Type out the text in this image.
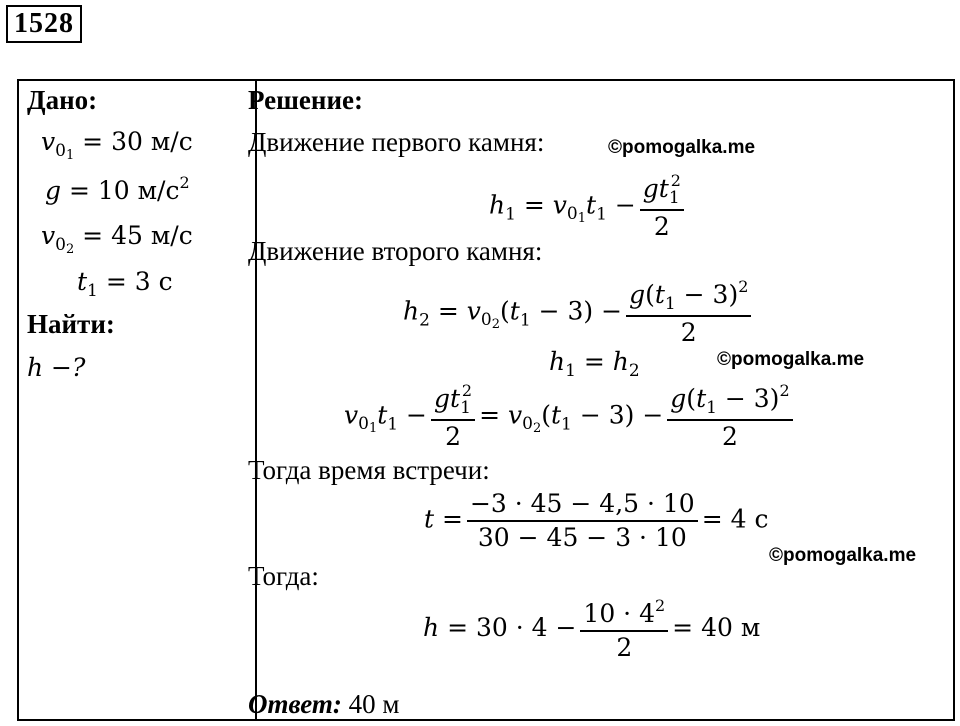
1528
Дано:
$v_{01} = 30$ м/с
g = 10 $м/с^2$
$v_{02} = 45$ м/с
$t_1 = 3$ с
Найти:
h −?
Решение:
Движение первого камня:
$h_1 = v_{01}t_1 - \frac{gt_1^2}{2}$
Движение второго камня:
$h_2 = v_{02}(t_1 - 3) - \frac{g(t_1 - 3)^2}{2}$
$h_1 = h_2$
$v_{01}t_1 - \frac{gt_1^2}{2} = v_{02}(t_1 - 3) - \frac{g(t_1 - 3)^2}{2}$
Тогда время встречи:
$t = \frac{-3 \cdot 45 - 4,5 \cdot 10}{30 - 45 - 3 \cdot 10} = 4$ с
Тогда:
$h = 30 \cdot 4 - \frac{10 \cdot 4^2}{2} = 40$ м
Ответ: 40 м
©pomogalka.me
©pomogalka.me
©pomogalka.me
